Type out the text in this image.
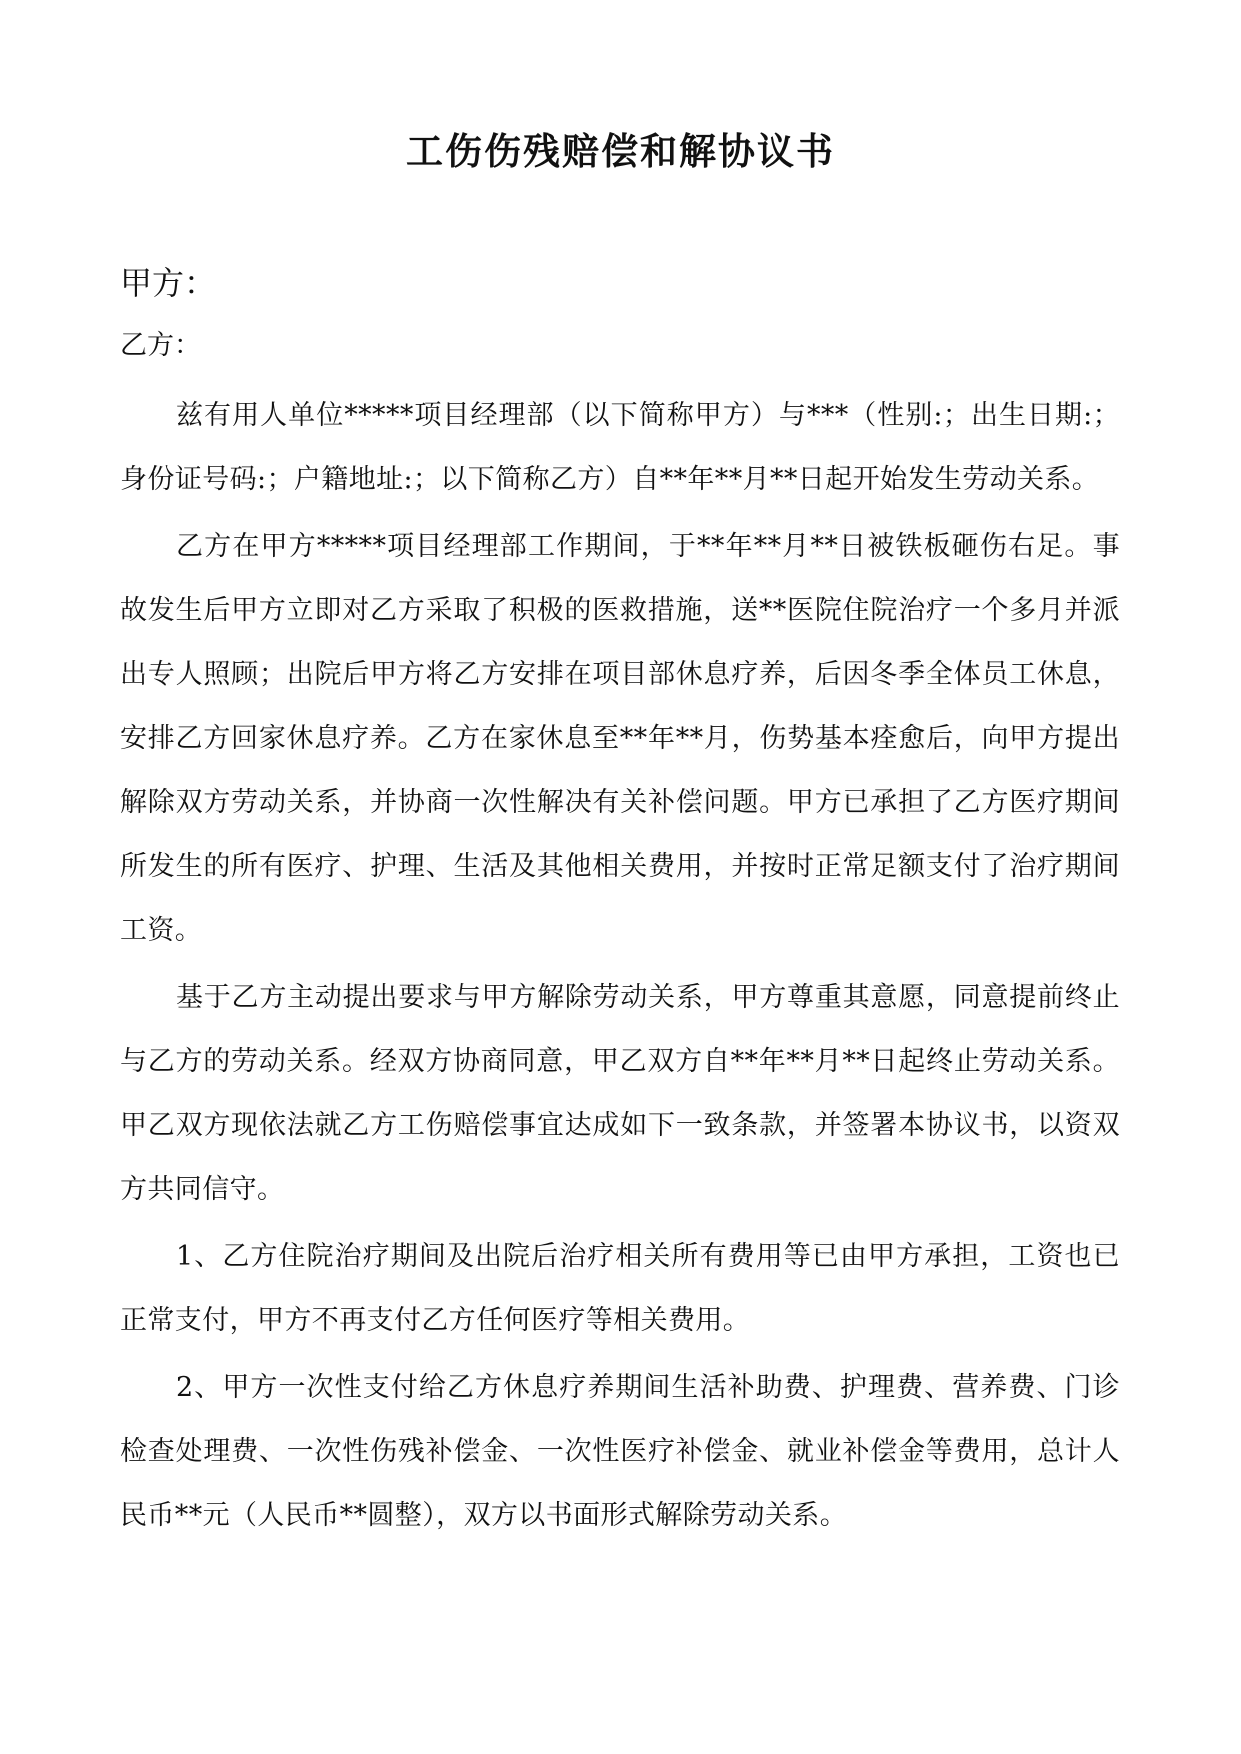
工伤伤残赔偿和解协议书
甲方：
乙方：

兹有用人单位*****项目经理部（以下简称甲方）与***（性别:；出生日期:；身份证号码:；户籍地址:；以下简称乙方）自**年**月**日起开始发生劳动关系。

乙方在甲方*****项目经理部工作期间，于**年**月**日被铁板砸伤右足。事故发生后甲方立即对乙方采取了积极的医救措施，送**医院住院治疗一个多月并派出专人照顾；出院后甲方将乙方安排在项目部休息疗养，后因冬季全体员工休息，安排乙方回家休息疗养。乙方在家休息至**年**月，伤势基本痊愈后，向甲方提出解除双方劳动关系，并协商一次性解决有关补偿问题。甲方已承担了乙方医疗期间所发生的所有医疗、护理、生活及其他相关费用，并按时正常足额支付了治疗期间工资。

基于乙方主动提出要求与甲方解除劳动关系，甲方尊重其意愿，同意提前终止与乙方的劳动关系。经双方协商同意，甲乙双方自**年**月**日起终止劳动关系。甲乙双方现依法就乙方工伤赔偿事宜达成如下一致条款，并签署本协议书，以资双方共同信守。

1、乙方住院治疗期间及出院后治疗相关所有费用等已由甲方承担，工资也已正常支付，甲方不再支付乙方任何医疗等相关费用。

2、甲方一次性支付给乙方休息疗养期间生活补助费、护理费、营养费、门诊检查处理费、一次性伤残补偿金、一次性医疗补偿金、就业补偿金等费用，总计人民币**元（人民币**圆整），双方以书面形式解除劳动关系。
